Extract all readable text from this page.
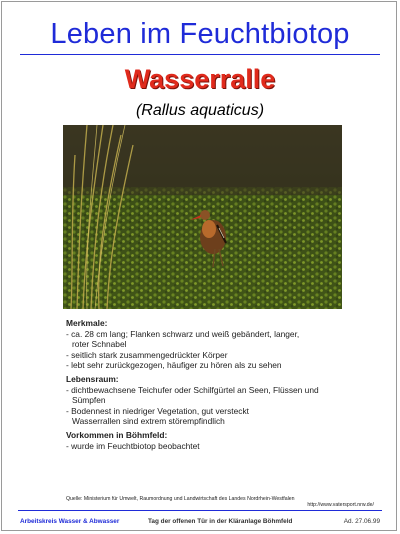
Leben im Feuchtbiotop
Wasserralle
(Rallus aquaticus)
Merkmale:
- ca. 28 cm lang; Flanken schwarz und weiß gebändert, langer,
roter Schnabel
- seitlich stark zusammengedrückter Körper
- lebt sehr zurückgezogen, häufiger zu hören als zu sehen
Lebensraum:
- dichtbewachsene Teichufer oder Schilfgürtel an Seen, Flüssen und
Sümpfen
- Bodennest in niedriger Vegetation, gut versteckt
Wasserrallen sind extrem störempfindlich
Vorkommen in Böhmfeld:
- wurde im Feuchtbiotop beobachtet
Quelle: Ministerium für Umwelt, Raumordnung und Landwirtschaft des Landes Nordrhein-Westfalen
http://www.vatersport.nrw.de/
Arbeitskreis Wasser & Abwasser	Tag der offenen Tür in der Kläranlage Böhmfeld	Ad. 27.06.99
